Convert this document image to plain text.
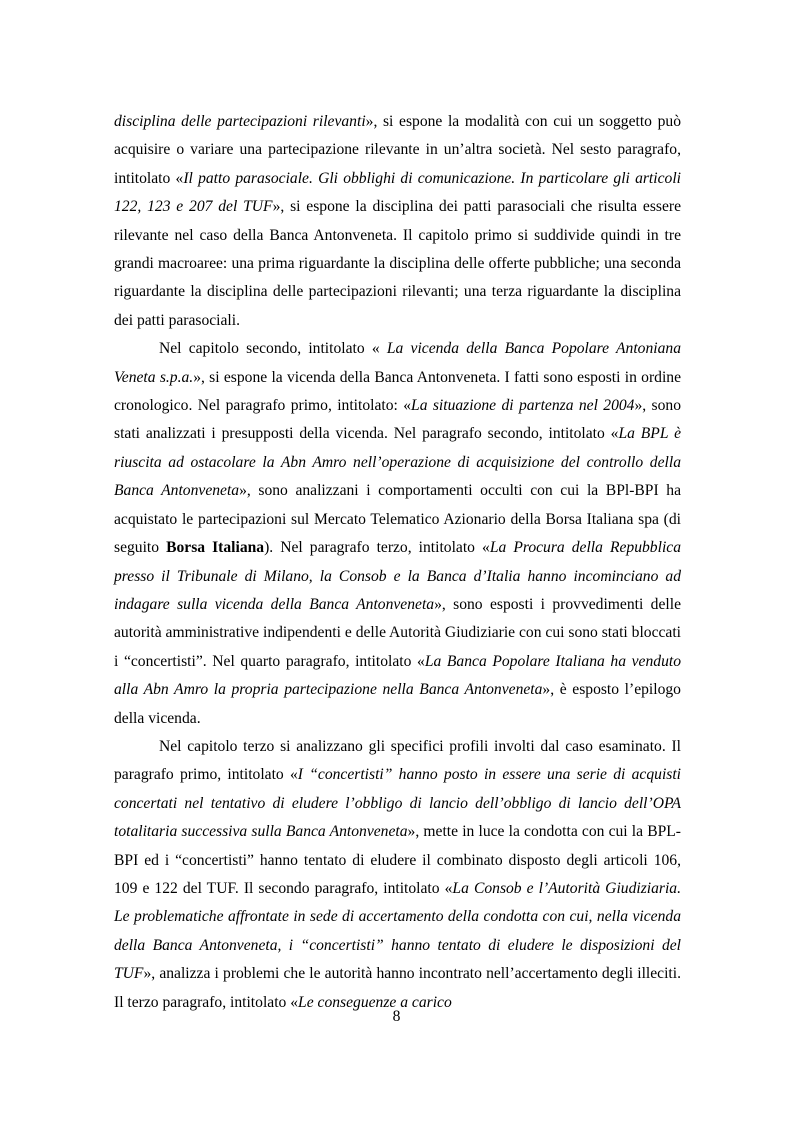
disciplina delle partecipazioni rilevanti», si espone la modalità con cui un soggetto può acquisire o variare una partecipazione rilevante in un’altra società. Nel sesto paragrafo, intitolato «Il patto parasociale. Gli obblighi di comunicazione. In particolare gli articoli 122, 123 e 207 del TUF», si espone la disciplina dei patti parasociali che risulta essere rilevante nel caso della Banca Antonveneta. Il capitolo primo si suddivide quindi in tre grandi macroaree: una prima riguardante la disciplina delle offerte pubbliche; una seconda riguardante la disciplina delle partecipazioni rilevanti; una terza riguardante la disciplina dei patti parasociali.

Nel capitolo secondo, intitolato « La vicenda della Banca Popolare Antoniana Veneta s.p.a.», si espone la vicenda della Banca Antonveneta. I fatti sono esposti in ordine cronologico. Nel paragrafo primo, intitolato: «La situazione di partenza nel 2004», sono stati analizzati i presupposti della vicenda. Nel paragrafo secondo, intitolato «La BPL è riuscita ad ostacolare la Abn Amro nell’operazione di acquisizione del controllo della Banca Antonveneta», sono analizzani i comportamenti occulti con cui la BPl-BPI ha acquistato le partecipazioni sul Mercato Telematico Azionario della Borsa Italiana spa (di seguito Borsa Italiana). Nel paragrafo terzo, intitolato «La Procura della Repubblica presso il Tribunale di Milano, la Consob e la Banca d’Italia hanno incominciano ad indagare sulla vicenda della Banca Antonveneta», sono esposti i provvedimenti delle autorità amministrative indipendenti e delle Autorità Giudiziarie con cui sono stati bloccati i “concertisti”. Nel quarto paragrafo, intitolato «La Banca Popolare Italiana ha venduto alla Abn Amro la propria partecipazione nella Banca Antonveneta», è esposto l’epilogo della vicenda.

Nel capitolo terzo si analizzano gli specifici profili involti dal caso esaminato. Il paragrafo primo, intitolato «I “concertisti” hanno posto in essere una serie di acquisti concertati nel tentativo di eludere l’obbligo di lancio dell’obbligo di lancio dell’OPA totalitaria successiva sulla Banca Antonveneta», mette in luce la condotta con cui la BPL-BPI ed i “concertisti” hanno tentato di eludere il combinato disposto degli articoli 106, 109 e 122 del TUF. Il secondo paragrafo, intitolato «La Consob e l’Autorità Giudiziaria. Le problematiche affrontate in sede di accertamento della condotta con cui, nella vicenda della Banca Antonveneta, i “concertisti” hanno tentato di eludere le disposizioni del TUF», analizza i problemi che le autorità hanno incontrato nell’accertamento degli illeciti. Il terzo paragrafo, intitolato «Le conseguenze a carico

8
